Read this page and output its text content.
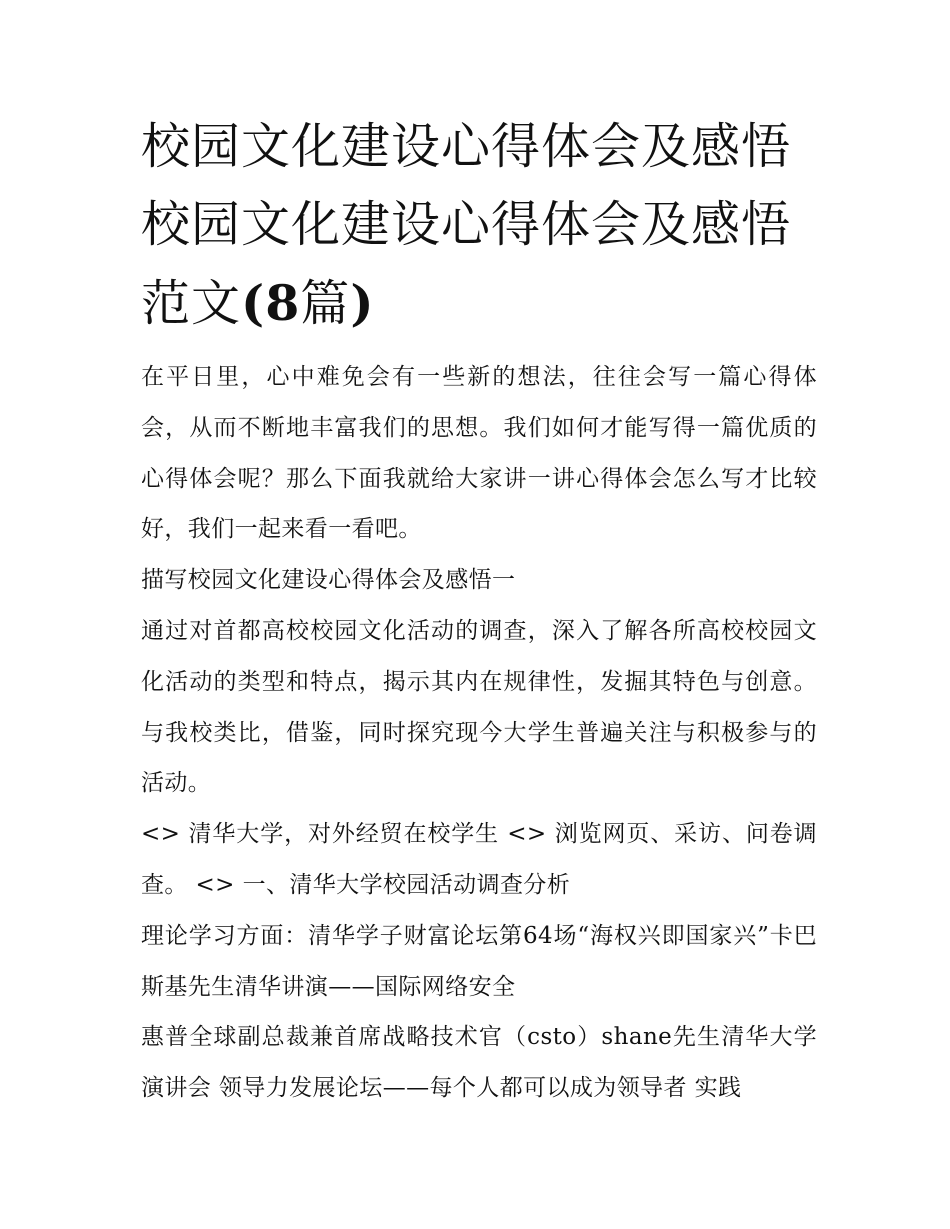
校园文化建设心得体会及感悟
校园文化建设心得体会及感悟
范文(8篇)

在平日里，心中难免会有一些新的想法，往往会写一篇心得体会，从而不断地丰富我们的思想。我们如何才能写得一篇优质的心得体会呢？那么下面我就给大家讲一讲心得体会怎么写才比较好，我们一起来看一看吧。

描写校园文化建设心得体会及感悟一

通过对首都高校校园文化活动的调查，深入了解各所高校校园文化活动的类型和特点，揭示其内在规律性，发掘其特色与创意。与我校类比，借鉴，同时探究现今大学生普遍关注与积极参与的活动。

<> 清华大学，对外经贸在校学生 <> 浏览网页、采访、问卷调查。 <> 一、清华大学校园活动调查分析

理论学习方面：清华学子财富论坛第64场“海权兴即国家兴”卡巴斯基先生清华讲演——国际网络安全

惠普全球副总裁兼首席战略技术官（csto）shane先生清华大学演讲会 领导力发展论坛——每个人都可以成为领导者 实践
